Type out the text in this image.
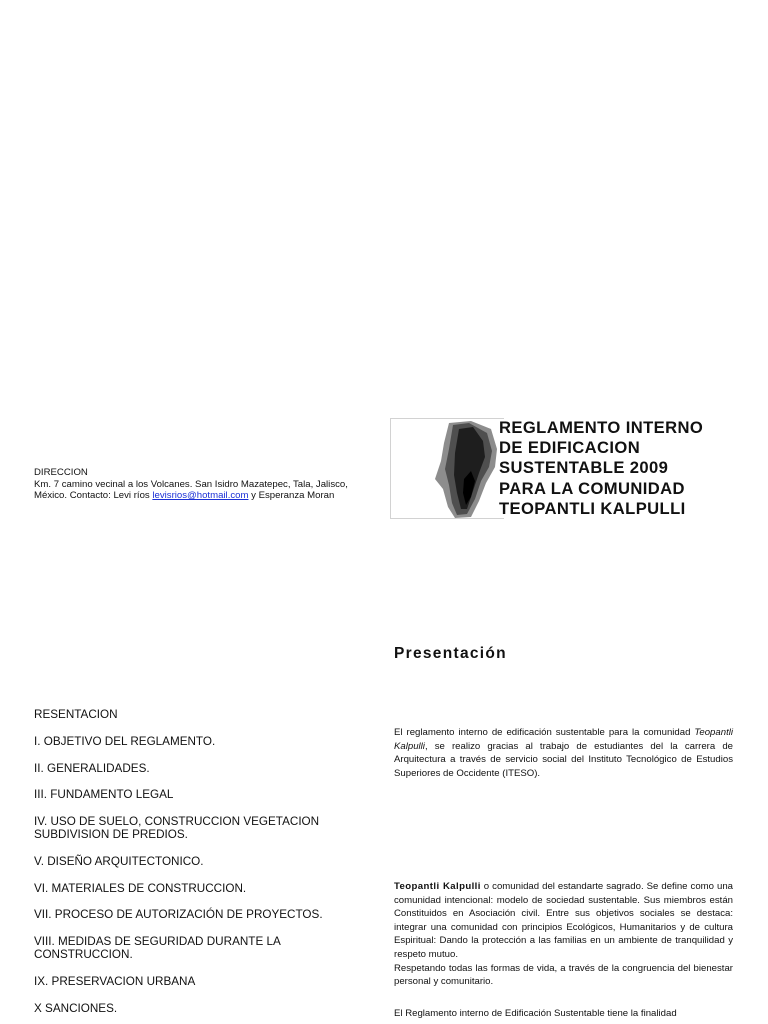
DIRECCION
Km. 7 camino vecinal a los Volcanes. San Isidro Mazatepec, Tala, Jalisco,
México. Contacto: Levi ríos levisrios@hotmail.com y Esperanza Moran
REGLAMENTO INTERNO
DE EDIFICACION
SUSTENTABLE 2009
PARA LA COMUNIDAD
TEOPANTLI KALPULLI
Presentación
RESENTACION
I. OBJETIVO DEL REGLAMENTO.
II. GENERALIDADES.
III. FUNDAMENTO LEGAL
IV. USO DE SUELO, CONSTRUCCION VEGETACION SUBDIVISION DE PREDIOS.
V. DISEÑO ARQUITECTONICO.
VI. MATERIALES DE CONSTRUCCION.
VII. PROCESO DE AUTORIZACIÓN DE PROYECTOS.
VIII. MEDIDAS DE SEGURIDAD DURANTE LA CONSTRUCCION.
IX. PRESERVACION URBANA
X SANCIONES.
El reglamento interno de edificación sustentable para la comunidad Teopantli Kalpulli, se realizo gracias al trabajo de estudiantes del la carrera de Arquitectura a través de servicio social del Instituto Tecnológico de Estudios Superiores de Occidente (ITESO).
Teopantli Kalpulli o comunidad del estandarte sagrado. Se define como una comunidad intencional: modelo de sociedad sustentable. Sus miembros están Constituidos en Asociación civil. Entre sus objetivos sociales se destaca: integrar una comunidad con principios Ecológicos, Humanitarios y de cultura Espiritual: Dando la protección a las familias en un ambiente de tranquilidad y respeto mutuo.
Respetando todas las formas de vida, a través de la congruencia del bienestar personal y comunitario.
El Reglamento interno de Edificación Sustentable tiene la finalidad
